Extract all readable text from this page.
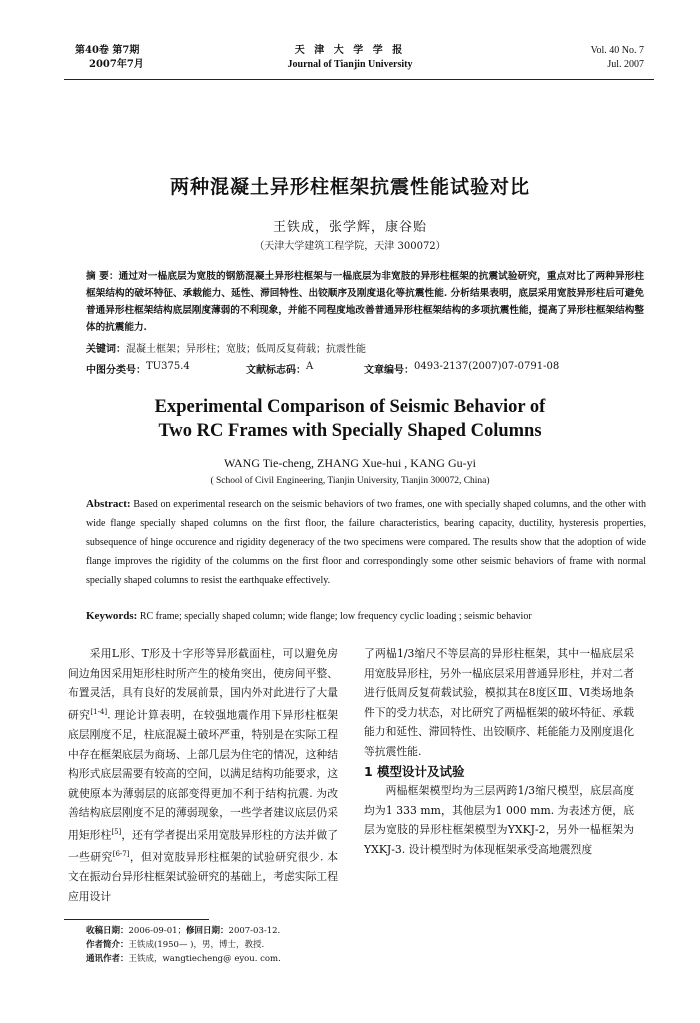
第40卷 第7期
2007年7月
天 津 大 学 学 报
Journal of Tianjin University
Vol. 40 No. 7
Jul. 2007
两种混凝土异形柱框架抗震性能试验对比
王铁成，张学辉，康谷贻
（天津大学建筑工程学院，天津 300072）
摘 要：通过对一榀底层为宽肢的钢筋混凝土异形柱框架与一榀底层为非宽肢的异形柱框架的抗震试验研究，重点对比了两种异形柱框架结构的破坏特征、承载能力、延性、滞回特性、出铰顺序及刚度退化等抗震性能. 分析结果表明，底层采用宽肢异形柱后可避免普通异形柱框架结构底层刚度薄弱的不利现象，并能不同程度地改善普通异形柱框架结构的多项抗震性能，提高了异形柱框架结构整体的抗震能力.
关键词：混凝土框架；异形柱；宽肢；低周反复荷载；抗震性能
中图分类号： TU375.4	文献标志码： A	文章编号： 0493-2137(2007)07-0791-08
Experimental Comparison of Seismic Behavior of
Two RC Frames with Specially Shaped Columns
WANG Tie-cheng, ZHANG Xue-hui , KANG Gu-yi
( School of Civil Engineering, Tianjin University, Tianjin 300072, China)
Abstract: Based on experimental research on the seismic behaviors of two frames, one with specially shaped columns, and the other with wide flange specially shaped columns on the first floor, the failure characteristics, bearing capacity, ductility, hysteresis properties, subsequence of hinge occurence and rigidity degeneracy of the two specimens were compared. The results show that the adoption of wide flange improves the rigidity of the columms on the first floor and correspondingly some other seismic behaviors of frame with normal specially shaped columns to resist the earthquake effectively.
Keywords: RC frame; specially shaped column; wide flange; low frequency cyclic loading ; seismic behavior

采用L形、T形及十字形等异形截面柱，可以避免房间边角因采用矩形柱时所产生的棱角突出，使房间平整、布置灵活，具有良好的发展前景，国内外对此进行了大量研究[1-4]. 理论计算表明，在较强地震作用下异形柱框架底层刚度不足，柱底混凝土破坏严重，特别是在实际工程中存在框架底层为商场、上部几层为住宅的情况，这种结构形式底层需要有较高的空间，以满足结构功能要求，这就使原本为薄弱层的底部变得更加不利于结构抗震. 为改善结构底层刚度不足的薄弱现象，一些学者建议底层仍采用矩形柱[5]，还有学者提出采用宽肢异形柱的方法并做了一些研究[6-7]，但对宽肢异形柱框架的试验研究很少. 本文在振动台异形柱框架试验研究的基础上，考虑实际工程应用设计

了两榀1/3缩尺不等层高的异形柱框架，其中一榀底层采用宽肢异形柱，另外一榀底层采用普通异形柱，并对二者进行低周反复荷载试验，模拟其在8度区Ⅲ、Ⅵ类场地条件下的受力状态，对比研究了两榀框架的破坏特征、承载能力和延性、滞回特性、出铰顺序、耗能能力及刚度退化等抗震性能.

1 模型设计及试验

两榀框架模型均为三层两跨1/3缩尺模型，底层高度均为1 333 mm，其他层为1 000 mm. 为表述方便，底层为宽肢的异形柱框架模型为YXKJ-2，另外一榀框架为YXKJ-3. 设计模型时为体现框架承受高地震烈度

收稿日期：2006-09-01；修回日期：2007-03-12.
作者简介：王铁成(1950— )，男，博士，教授.
通讯作者：王铁成，wangtiecheng@ eyou. com.
